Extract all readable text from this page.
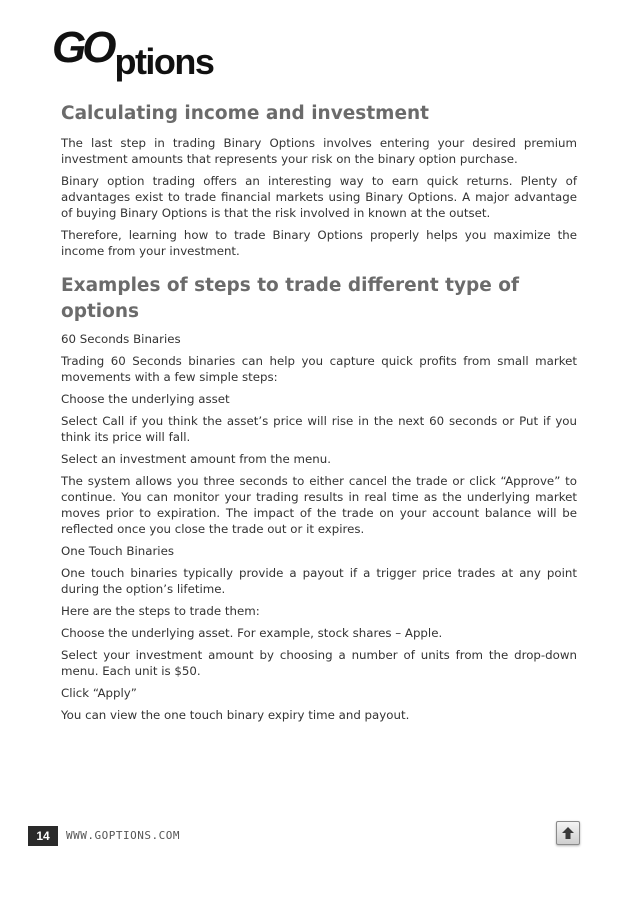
GO ptions
Calculating income and investment

The last step in trading Binary Options involves entering your desired premium investment amounts that represents your risk on the binary option purchase.

Binary option trading offers an interesting way to earn quick returns. Plenty of advantages exist to trade financial markets using Binary Options. A major advantage of buying Binary Options is that the risk involved in known at the outset.

Therefore, learning how to trade Binary Options properly helps you maximize the income from your investment.

Examples of steps to trade different type of options

60 Seconds Binaries

Trading 60 Seconds binaries can help you capture quick profits from small market movements with a few simple steps:

Choose the underlying asset

Select Call if you think the asset’s price will rise in the next 60 seconds or Put if you think its price will fall.

Select an investment amount from the menu.

The system allows you three seconds to either cancel the trade or click “Approve” to continue. You can monitor your trading results in real time as the underlying market moves prior to expiration. The impact of the trade on your account balance will be reflected once you close the trade out or it expires.

One Touch Binaries

One touch binaries typically provide a payout if a trigger price trades at any point during the option’s lifetime.

Here are the steps to trade them:

Choose the underlying asset. For example, stock shares – Apple.

Select your investment amount by choosing a number of units from the drop-down menu. Each unit is $50.

Click “Apply”

You can view the one touch binary expiry time and payout.

14	WWW.GOPTIONS.COM
